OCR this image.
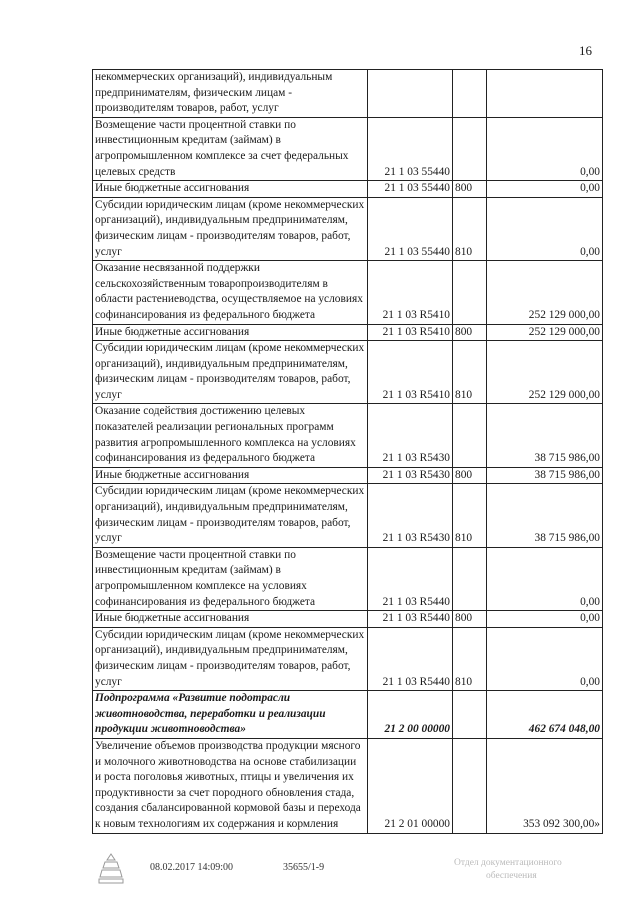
16
некоммерческих организаций), индивидуальным предпринимателям, физическим лицам - производителям товаров, работ, услуг			
Возмещение части процентной ставки по инвестиционным кредитам (займам) в агропромышленном комплексе за счет федеральных целевых средств	21 1 03 55440		0,00
Иные бюджетные ассигнования	21 1 03 55440	800	0,00
Субсидии юридическим лицам (кроме некоммерческих организаций), индивидуальным предпринимателям, физическим лицам - производителям товаров, работ, услуг	21 1 03 55440	810	0,00
Оказание несвязанной поддержки сельскохозяйственным товаропроизводителям в области растениеводства, осуществляемое на условиях софинансирования из федерального бюджета	21 1 03 R5410		252 129 000,00
Иные бюджетные ассигнования	21 1 03 R5410	800	252 129 000,00
Субсидии юридическим лицам (кроме некоммерческих организаций), индивидуальным предпринимателям, физическим лицам - производителям товаров, работ, услуг	21 1 03 R5410	810	252 129 000,00
Оказание содействия достижению целевых показателей реализации региональных программ развития агропромышленного комплекса на условиях софинансирования из федерального бюджета	21 1 03 R5430		38 715 986,00
Иные бюджетные ассигнования	21 1 03 R5430	800	38 715 986,00
Субсидии юридическим лицам (кроме некоммерческих организаций), индивидуальным предпринимателям, физическим лицам - производителям товаров, работ, услуг	21 1 03 R5430	810	38 715 986,00
Возмещение части процентной ставки по инвестиционным кредитам (займам) в агропромышленном комплексе на условиях софинансирования из федерального бюджета	21 1 03 R5440		0,00
Иные бюджетные ассигнования	21 1 03 R5440	800	0,00
Субсидии юридическим лицам (кроме некоммерческих организаций), индивидуальным предпринимателям, физическим лицам - производителям товаров, работ, услуг	21 1 03 R5440	810	0,00
Подпрограмма «Развитие подотрасли животноводства, переработки и реализации продукции животноводства»	21 2 00 00000		462 674 048,00
Увеличение объемов производства продукции мясного и молочного животноводства на основе стабилизации и роста поголовья животных, птицы и увеличения их продуктивности за счет породного обновления стада, создания сбалансированной кормовой базы и перехода к новым технологиям их содержания и кормления	21 2 01 00000		353 092 300,00»
08.02.2017 14:09:00	35655/1-9	Отдел документационного
обеспечения
